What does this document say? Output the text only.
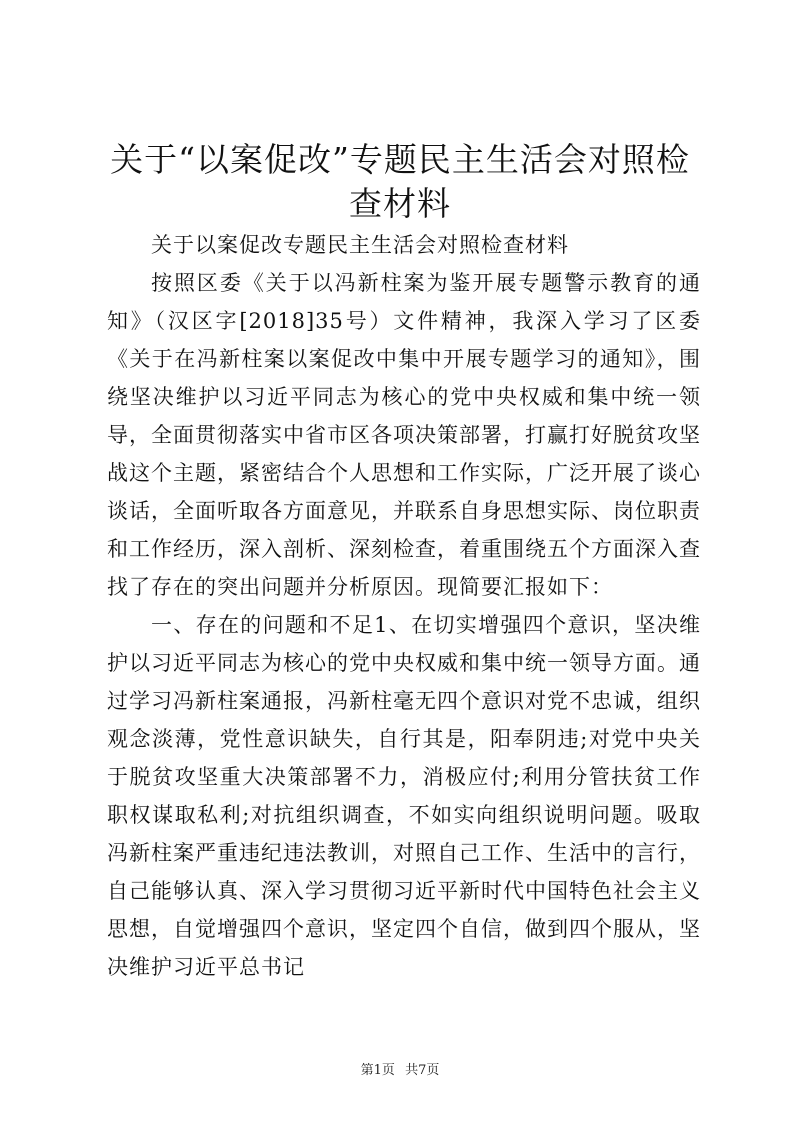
关于“以案促改”专题民主生活会对照检查材料

关于以案促改专题民主生活会对照检查材料

按照区委《关于以冯新柱案为鉴开展专题警示教育的通知》（汉区字[2018]35号）文件精神，我深入学习了区委《关于在冯新柱案以案促改中集中开展专题学习的通知》，围绕坚决维护以习近平同志为核心的党中央权威和集中统一领导，全面贯彻落实中省市区各项决策部署，打赢打好脱贫攻坚战这个主题，紧密结合个人思想和工作实际，广泛开展了谈心谈话，全面听取各方面意见，并联系自身思想实际、岗位职责和工作经历，深入剖析、深刻检查，着重围绕五个方面深入查找了存在的突出问题并分析原因。现简要汇报如下：

一、存在的问题和不足1、在切实增强四个意识，坚决维护以习近平同志为核心的党中央权威和集中统一领导方面。通过学习冯新柱案通报，冯新柱毫无四个意识对党不忠诚，组织观念淡薄，党性意识缺失，自行其是，阳奉阴违;对党中央关于脱贫攻坚重大决策部署不力，消极应付;利用分管扶贫工作职权谋取私利;对抗组织调查，不如实向组织说明问题。吸取冯新柱案严重违纪违法教训，对照自己工作、生活中的言行，自己能够认真、深入学习贯彻习近平新时代中国特色社会主义思想，自觉增强四个意识，坚定四个自信，做到四个服从，坚决维护习近平总书记

第1页 共7页
